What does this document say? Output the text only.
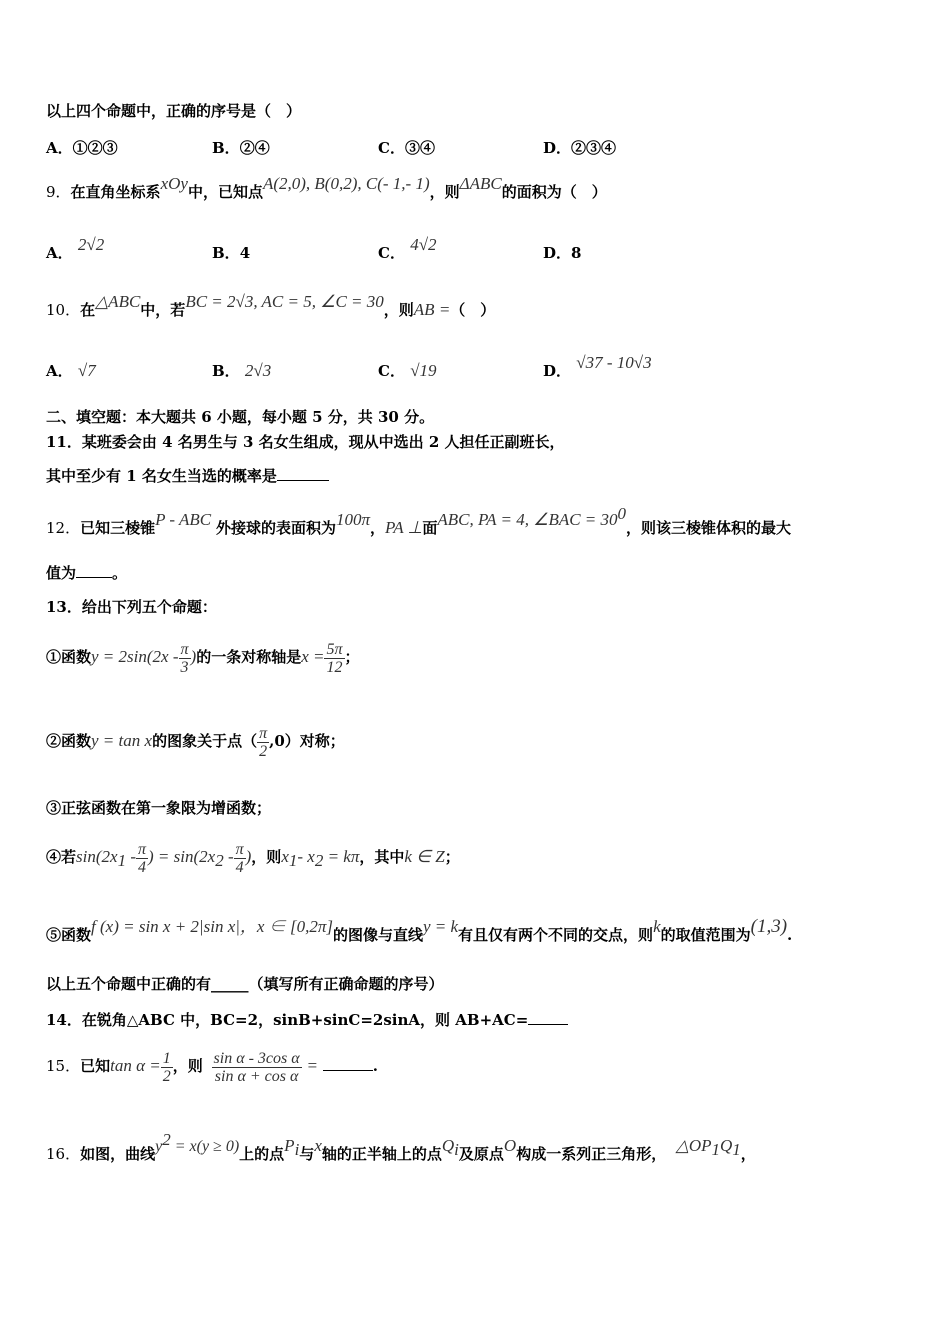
以上四个命题中，正确的序号是（　）
A．①②③	B．②④	C．③④	D．②③④
9．在直角坐标系xOy中，已知点A(2,0), B(0,2), C(- 1,- 1)，则ΔABC的面积为（　）
A． 2√2	B．4	C． 4√2	D．8
10．在△ABC中，若BC = 2√3, AC = 5, ∠C = 30，则AB =（　）
A． √7	B． 2√3	C． √19	D． √37 - 10√3
二、填空题：本大题共 6 小题，每小题 5 分，共 30 分。
11．某班委会由 4 名男生与 3 名女生组成，现从中选出 2 人担任正副班长，
其中至少有 1 名女生当选的概率是
12．已知三棱锥P - ABC 外接球的表面积为100π，PA ⊥面ABC, PA = 4, ∠BAC = $30^0$，则该三棱锥体积的最大
值为 。
13．给出下列五个命题：
①函数$y = 2\sin(2x - \frac{\pi}{3}$ )的一条对称轴是$x = \frac{5\pi}{12}$ ；
②函数y = tan x的图象关于点（ $\frac{\pi}{2} ,0$）对称；
③正弦函数在第一象限为增函数；
④若$\sin(2x_1 - \frac{\pi}{4}$ ) = $\sin(2x_2 - \frac{\pi}{4}$ )，则$x_1-$ $x_2 = k\pi$，其中k ∈ Z；
⑤函数f (x) = sin x + 2|sin x|，x ∈ [0,2π]的图像与直线y = k有且仅有两个不同的交点，则k的取值范围为(1,3).
以上五个命题中正确的有_____（填写所有正确命题的序号）
14．在锐角△ABC 中，BC=2，sinB+sinC=2sinA，则 AB+AC=
15．已知$\tan \alpha = \frac{1}{2}$ ，则 $\frac{\text{sin α - 3cos α}}{\text{sin α + cos α}}$ =	.
16．如图，曲线$y^2 = x(y \ge 0)$上的点$P_i$与x轴的正半轴上的点$Q_i$及原点O构成一系列正三角形， $\triangle OP_1Q_1$，
